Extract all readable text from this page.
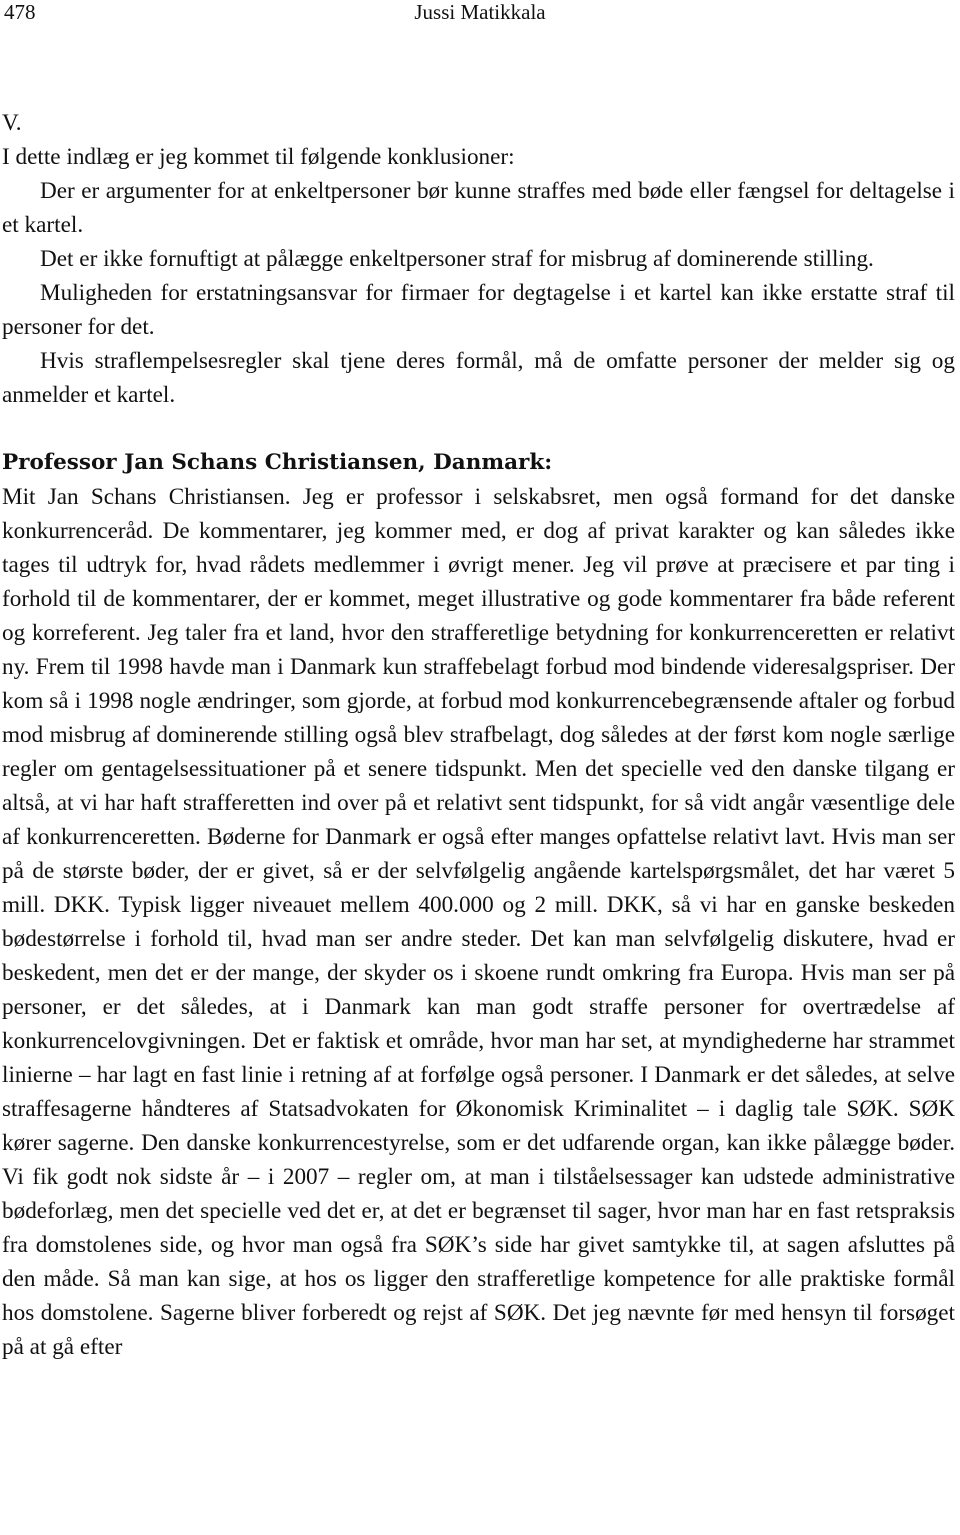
478	Jussi Matikkala

V.

I dette indlæg er jeg kommet til følgende konklusioner:

Der er argumenter for at enkeltpersoner bør kunne straffes med bøde eller fængsel for deltagelse i et kartel.

Det er ikke fornuftigt at pålægge enkeltpersoner straf for misbrug af dominerende stilling.

Muligheden for erstatningsansvar for firmaer for degtagelse i et kartel kan ikke erstatte straf til personer for det.

Hvis straflempelsesregler skal tjene deres formål, må de omfatte personer der melder sig og anmelder et kartel.

Professor Jan Schans Christiansen, Danmark:

Mit Jan Schans Christiansen. Jeg er professor i selskabsret, men også formand for det danske konkurrenceråd. De kommentarer, jeg kommer med, er dog af privat karakter og kan således ikke tages til udtryk for, hvad rådets medlemmer i øvrigt mener. Jeg vil prøve at præcisere et par ting i forhold til de kommentarer, der er kommet, meget illustrative og gode kommentarer fra både referent og korreferent. Jeg taler fra et land, hvor den strafferetlige betydning for konkurrenceretten er relativt ny. Frem til 1998 havde man i Danmark kun straffebelagt forbud mod bindende videresalgspriser. Der kom så i 1998 nogle ændringer, som gjorde, at forbud mod konkurrencebegrænsende aftaler og forbud mod misbrug af dominerende stilling også blev strafbelagt, dog således at der først kom nogle særlige regler om gentagelsessituationer på et senere tidspunkt. Men det specielle ved den danske tilgang er altså, at vi har haft strafferetten ind over på et relativt sent tidspunkt, for så vidt angår væsentlige dele af konkurrenceretten. Bøderne for Danmark er også efter manges opfattelse relativt lavt. Hvis man ser på de største bøder, der er givet, så er der selvfølgelig angående kartelspørgsmålet, det har været 5 mill. DKK. Typisk ligger niveauet mellem 400.000 og 2 mill. DKK, så vi har en ganske beskeden bødestørrelse i forhold til, hvad man ser andre steder. Det kan man selvfølgelig diskutere, hvad er beskedent, men det er der mange, der skyder os i skoene rundt omkring fra Europa. Hvis man ser på personer, er det således, at i Danmark kan man godt straffe personer for overtrædelse af konkurrencelovgivningen. Det er faktisk et område, hvor man har set, at myndighederne har strammet linierne – har lagt en fast linie i retning af at forfølge også personer. I Danmark er det således, at selve straffesagerne håndteres af Statsadvokaten for Økonomisk Kriminalitet – i daglig tale SØK. SØK kører sagerne. Den danske konkurrencestyrelse, som er det udfarende organ, kan ikke pålægge bøder. Vi fik godt nok sidste år – i 2007 – regler om, at man i tilståelsessager kan udstede administrative bødeforlæg, men det specielle ved det er, at det er begrænset til sager, hvor man har en fast retspraksis fra domstolenes side, og hvor man også fra SØK’s side har givet samtykke til, at sagen afsluttes på den måde. Så man kan sige, at hos os ligger den strafferetlige kompetence for alle praktiske formål hos domstolene. Sagerne bliver forberedt og rejst af SØK. Det jeg nævnte før med hensyn til forsøget på at gå efter
